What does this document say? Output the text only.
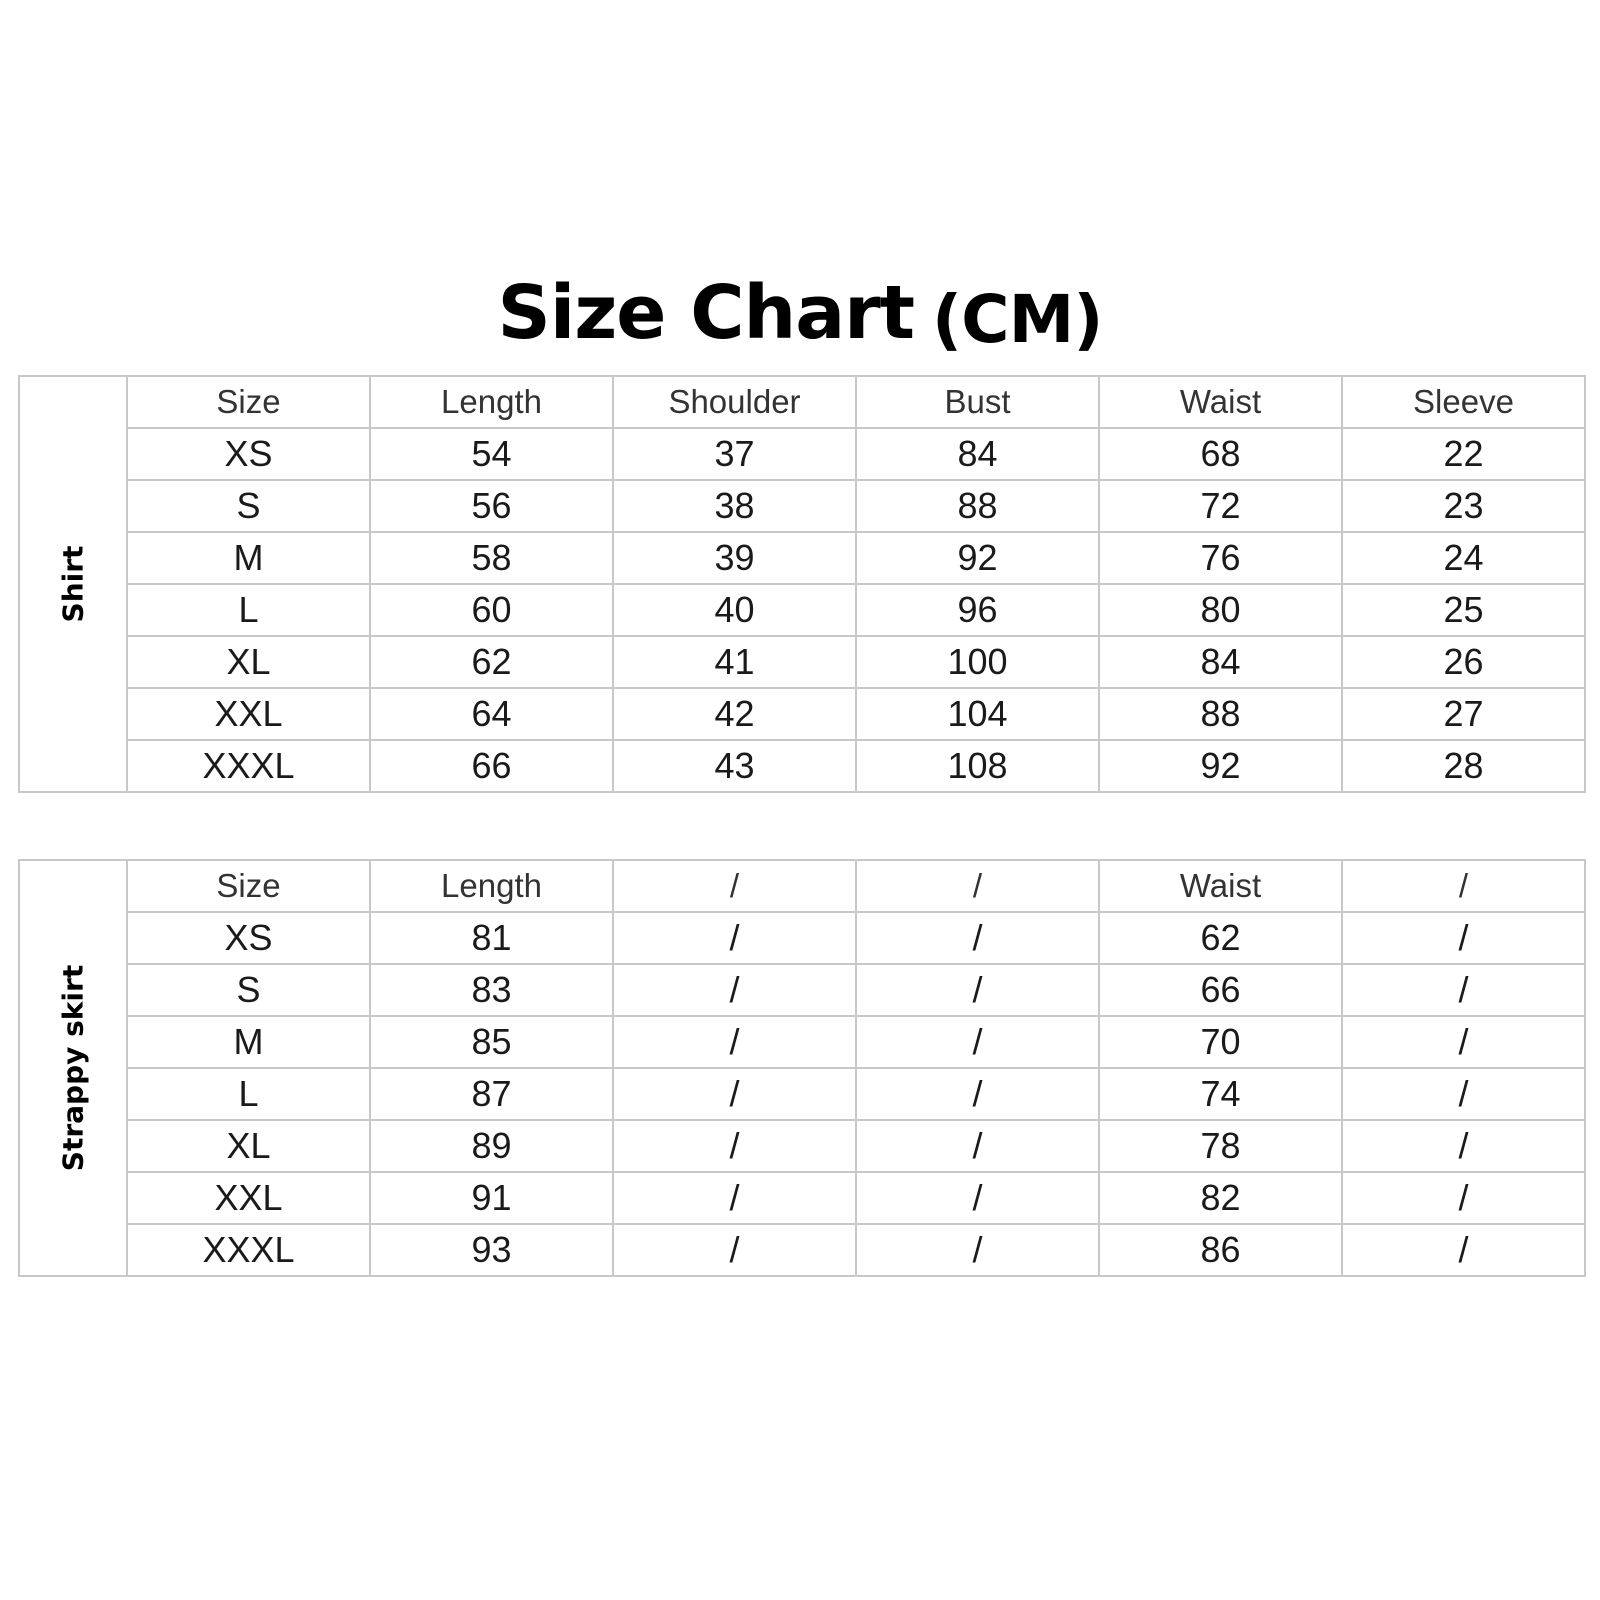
Size Chart (CM)
Shirt	Size	Length	Shoulder	Bust	Waist	Sleeve
	XS	54	37	84	68	22
	S	56	38	88	72	23
	M	58	39	92	76	24
	L	60	40	96	80	25
	XL	62	41	100	84	26
	XXL	64	42	104	88	27
	XXXL	66	43	108	92	28
Strappy skirt	Size	Length	/	/	Waist	/
	XS	81	/	/	62	/
	S	83	/	/	66	/
	M	85	/	/	70	/
	L	87	/	/	74	/
	XL	89	/	/	78	/
	XXL	91	/	/	82	/
	XXXL	93	/	/	86	/
